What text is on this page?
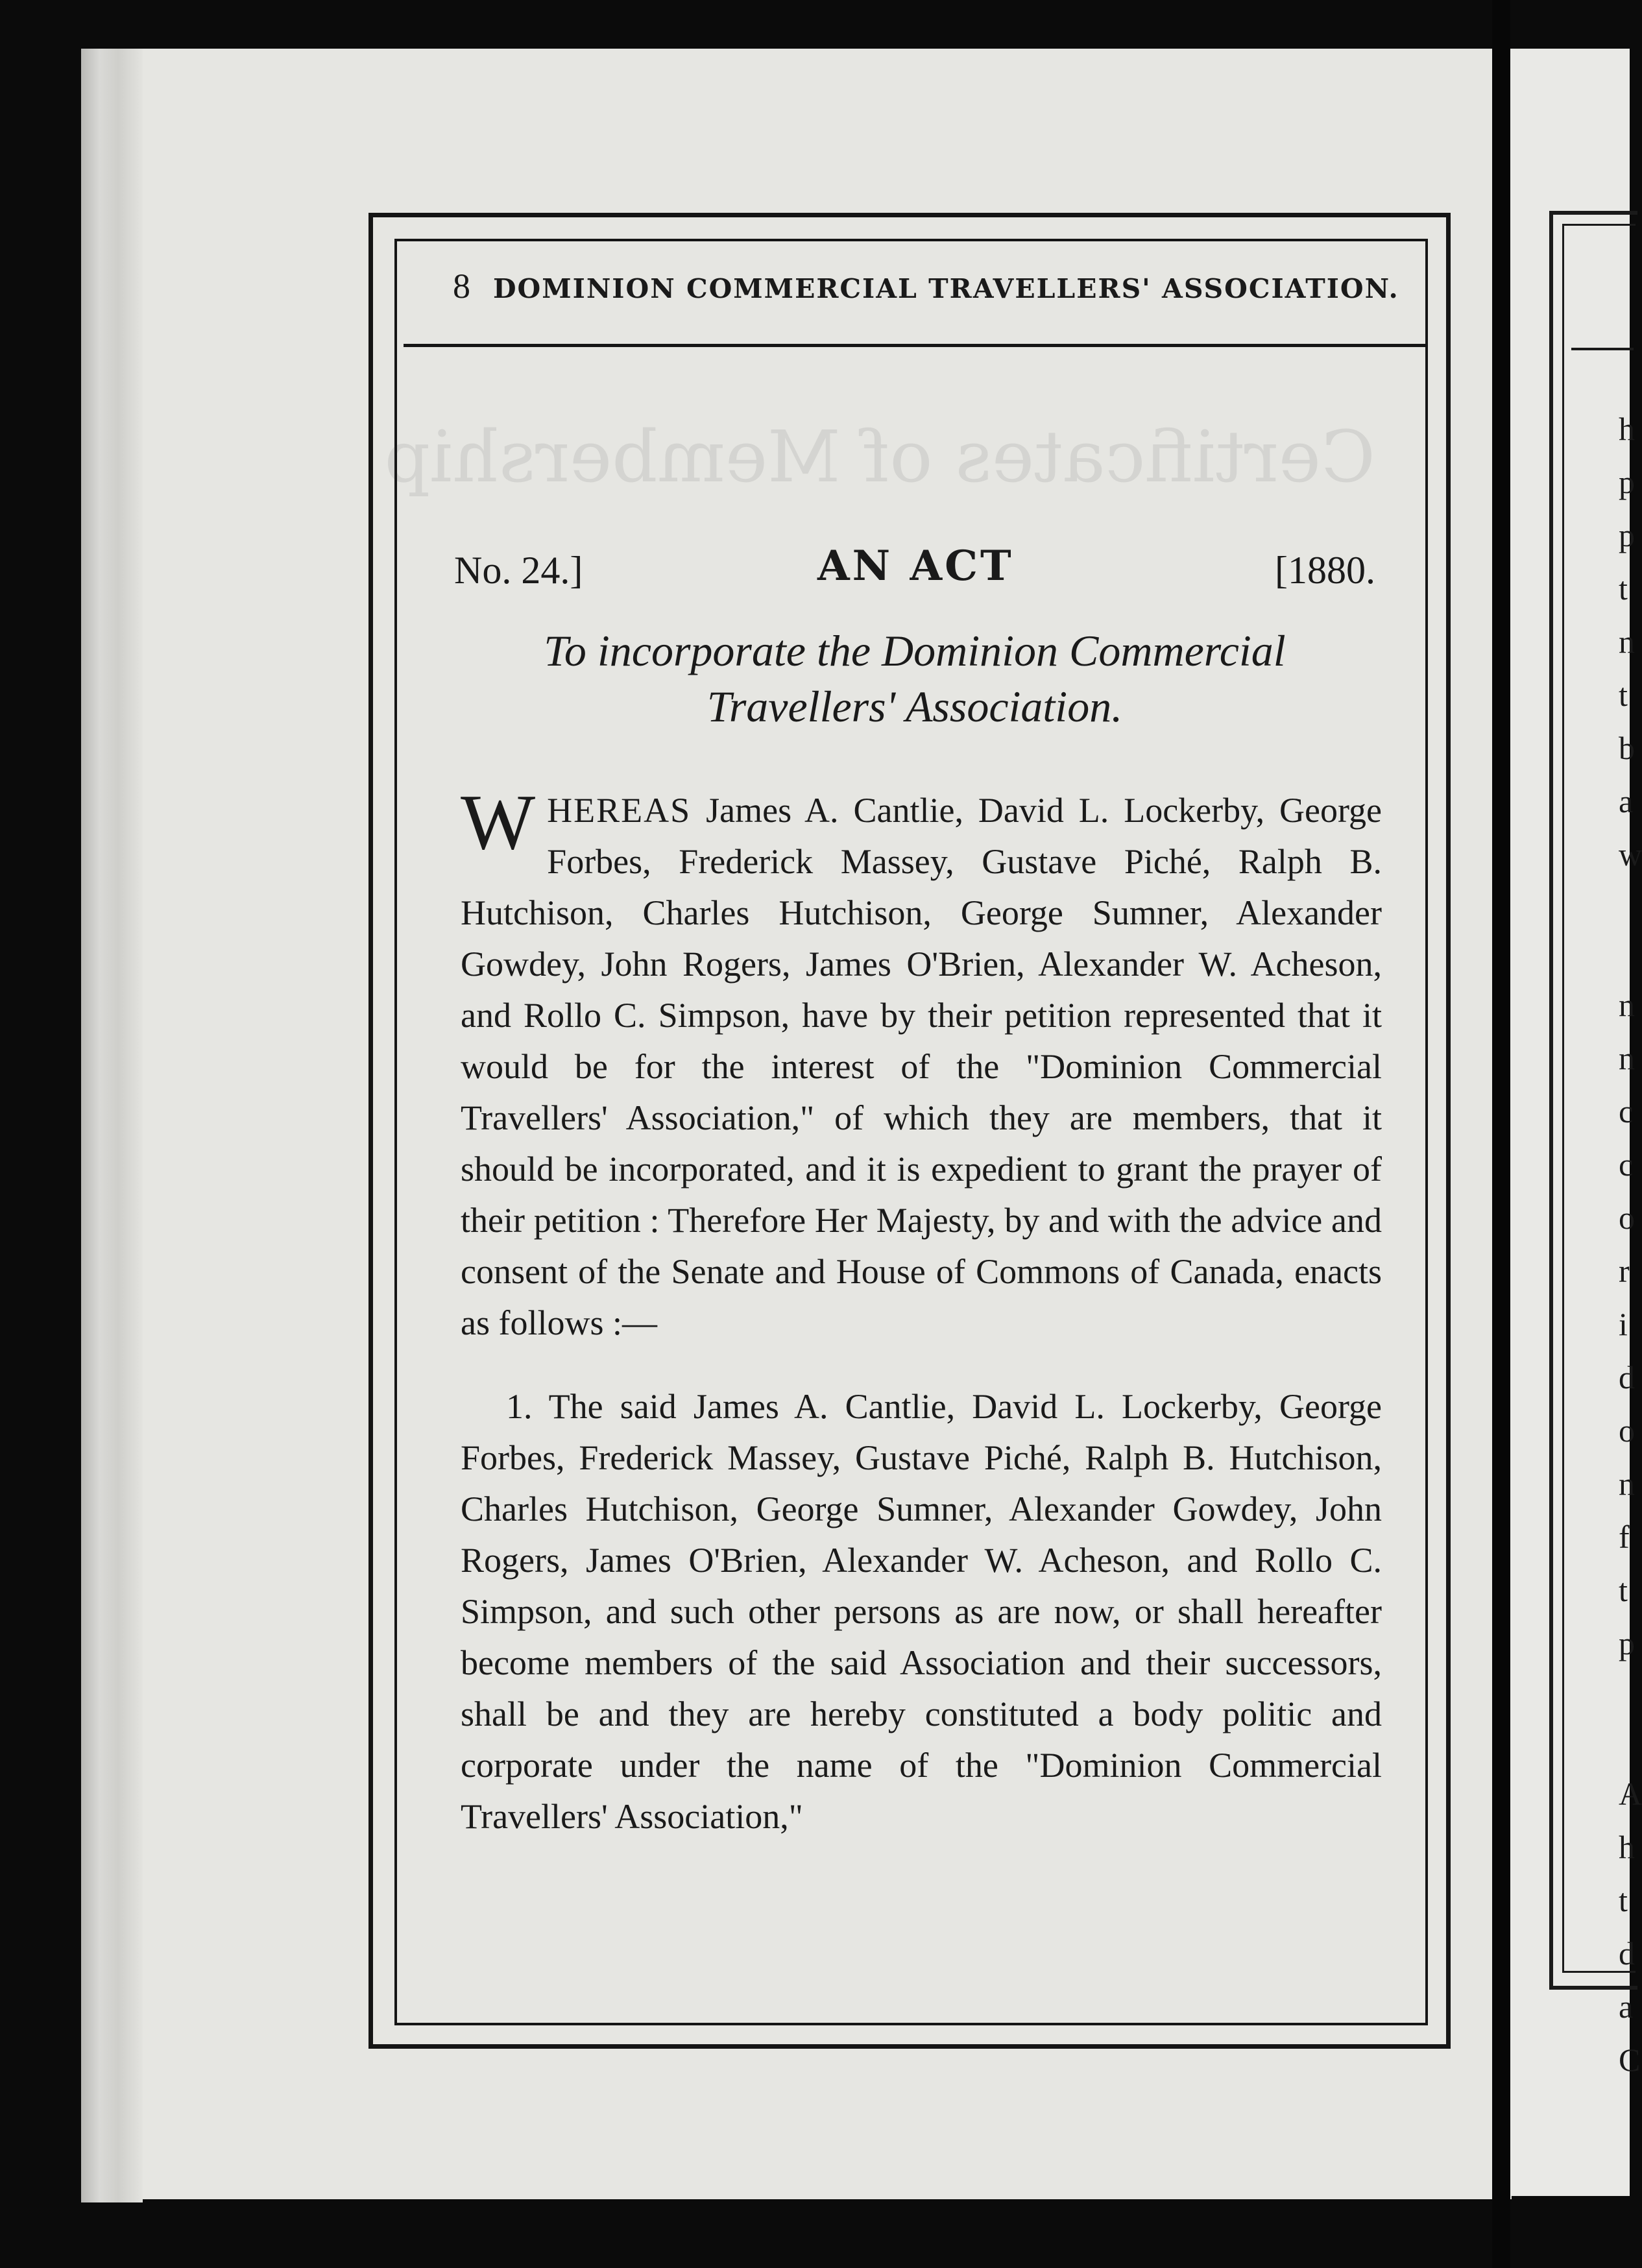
h
p
p
t
n
t
b
a
w
n
n
c
c
o
r
i
d
o
n
f
t
p
A
h
t
d
a
C
8 DOMINION COMMERCIAL TRAVELLERS' ASSOCIATION.
Certificates of Membership
No. 24.]	AN ACT	[1880.
To incorporate the Dominion Commercial Travellers' Association.

WHEREAS James A. Cantlie, David L. Lockerby, George Forbes, Frederick Massey, Gustave Piché, Ralph B. Hutchison, Charles Hutchison, George Sumner, Alexander Gowdey, John Rogers, James O'Brien, Alexander W. Acheson, and Rollo C. Simpson, have by their petition represented that it would be for the interest of the "Dominion Commercial Travellers' Association," of which they are members, that it should be incorporated, and it is expedient to grant the prayer of their petition : Therefore Her Majesty, by and with the advice and consent of the Senate and House of Commons of Canada, enacts as follows :—

1. The said James A. Cantlie, David L. Lockerby, George Forbes, Frederick Massey, Gustave Piché, Ralph B. Hutchison, Charles Hutchison, George Sumner, Alexander Gowdey, John Rogers, James O'Brien, Alexander W. Acheson, and Rollo C. Simpson, and such other persons as are now, or shall hereafter become members of the said Association and their successors, shall be and they are hereby constituted a body politic and corporate under the name of the "Dominion Commercial Travellers' Association,"
